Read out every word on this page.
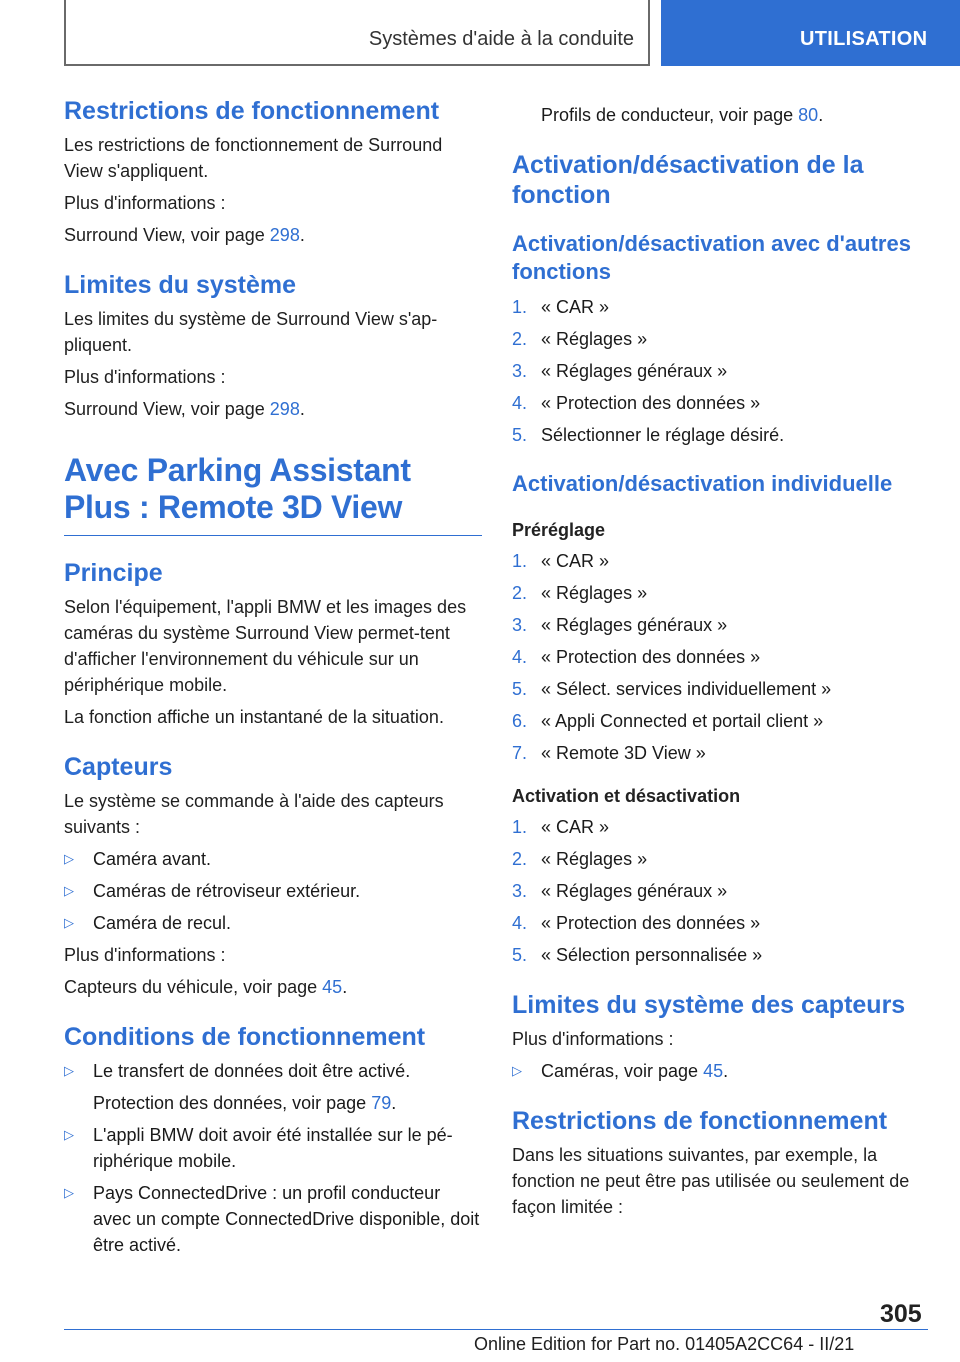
Systèmes d'aide à la conduite	UTILISATION
Restrictions de fonctionnement
Les restrictions de fonctionnement de Surround View s'appliquent.
Plus d'informations :
Surround View, voir page 298.
Limites du système
Les limites du système de Surround View s'ap‐pliquent.
Plus d'informations :
Surround View, voir page 298.
Avec Parking Assistant Plus : Remote 3D View
Principe
Selon l'équipement, l'appli BMW et les images des caméras du système Surround View permet‐tent d'afficher l'environnement du véhicule sur un périphérique mobile.
La fonction affiche un instantané de la situation.
Capteurs
Le système se commande à l'aide des capteurs suivants :
▷ Caméra avant.
▷ Caméras de rétroviseur extérieur.
▷ Caméra de recul.
Plus d'informations :
Capteurs du véhicule, voir page 45.
Conditions de fonctionnement
▷ Le transfert de données doit être activé.
Protection des données, voir page 79.
▷ L'appli BMW doit avoir été installée sur le pé‐riphérique mobile.
▷ Pays ConnectedDrive : un profil conducteur avec un compte ConnectedDrive disponible, doit être activé.
Profils de conducteur, voir page 80.
Activation/désactivation de la fonction
Activation/désactivation avec d'autres fonctions
1. « CAR »
2. « Réglages »
3. « Réglages généraux »
4. « Protection des données »
5. Sélectionner le réglage désiré.
Activation/désactivation individuelle
Préréglage
1. « CAR »
2. « Réglages »
3. « Réglages généraux »
4. « Protection des données »
5. « Sélect. services individuellement »
6. « Appli Connected et portail client »
7. « Remote 3D View »
Activation et désactivation
1. « CAR »
2. « Réglages »
3. « Réglages généraux »
4. « Protection des données »
5. « Sélection personnalisée »
Limites du système des capteurs
Plus d'informations :
▷ Caméras, voir page 45.
Restrictions de fonctionnement
Dans les situations suivantes, par exemple, la fonction ne peut être pas utilisée ou seulement de façon limitée :
305
Online Edition for Part no. 01405A2CC64 - II/21
